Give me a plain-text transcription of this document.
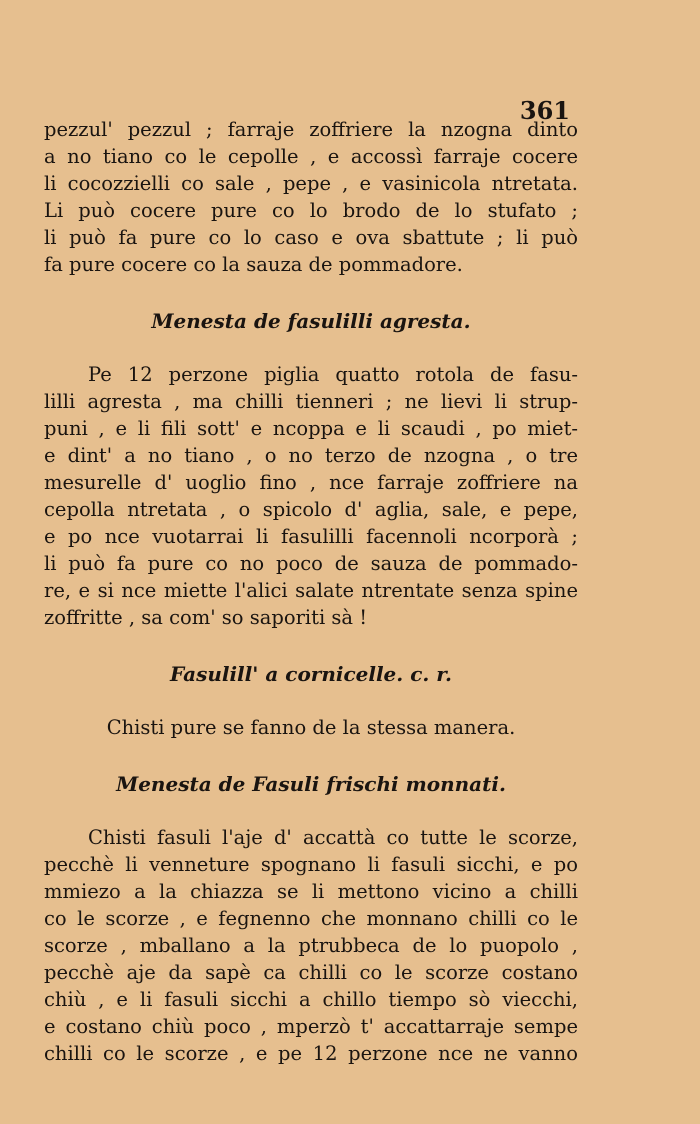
361
pezzul' pezzul ; farraje zoffriere la nzogna dinto
a no tiano co le cepolle , e accossì farraje cocere
li cocozzielli co sale , pepe , e vasinicola ntretata.
Li può cocere pure co lo brodo de lo stufato ;
li può fa pure co lo caso e ova sbattute ; li può
fa pure cocere co la sauza de pommadore.
Menesta de fasulilli agresta.
Pe 12 perzone piglia quatto rotola de fasu-
lilli agresta , ma chilli tienneri ; ne lievi li strup-
puni , e li fili sott' e ncoppa e li scaudi , po miet-
e dint' a no tiano , o no terzo de nzogna , o tre
mesurelle d' uoglio fino , nce farraje zoffriere na
cepolla ntretata , o spicolo d' aglia, sale, e pepe,
e po nce vuotarrai li fasulilli facennoli ncorporà ;
li può fa pure co no poco de sauza de pommado-
re, e si nce miette l'alici salate ntrentate senza spine
zoffritte , sa com' so saporiti sà !
Fasulill' a cornicelle. c. r.
Chisti pure se fanno de la stessa manera.
Menesta de Fasuli frischi monnati.
Chisti fasuli l'aje d' accattà co tutte le scorze,
pecchè li venneture spognano li fasuli sicchi, e po
mmiezo a la chiazza se li mettono vicino a chilli
co le scorze , e fegnenno che monnano chilli co le
scorze , mballano a la ptrubbeca de lo puopolo ,
pecchè aje da sapè ca chilli co le scorze costano
chiù , e li fasuli sicchi a chillo tiempo sò viecchi,
e costano chiù poco , mperzò t' accattarraje sempe
chilli co le scorze , e pe 12 perzone nce ne vanno
